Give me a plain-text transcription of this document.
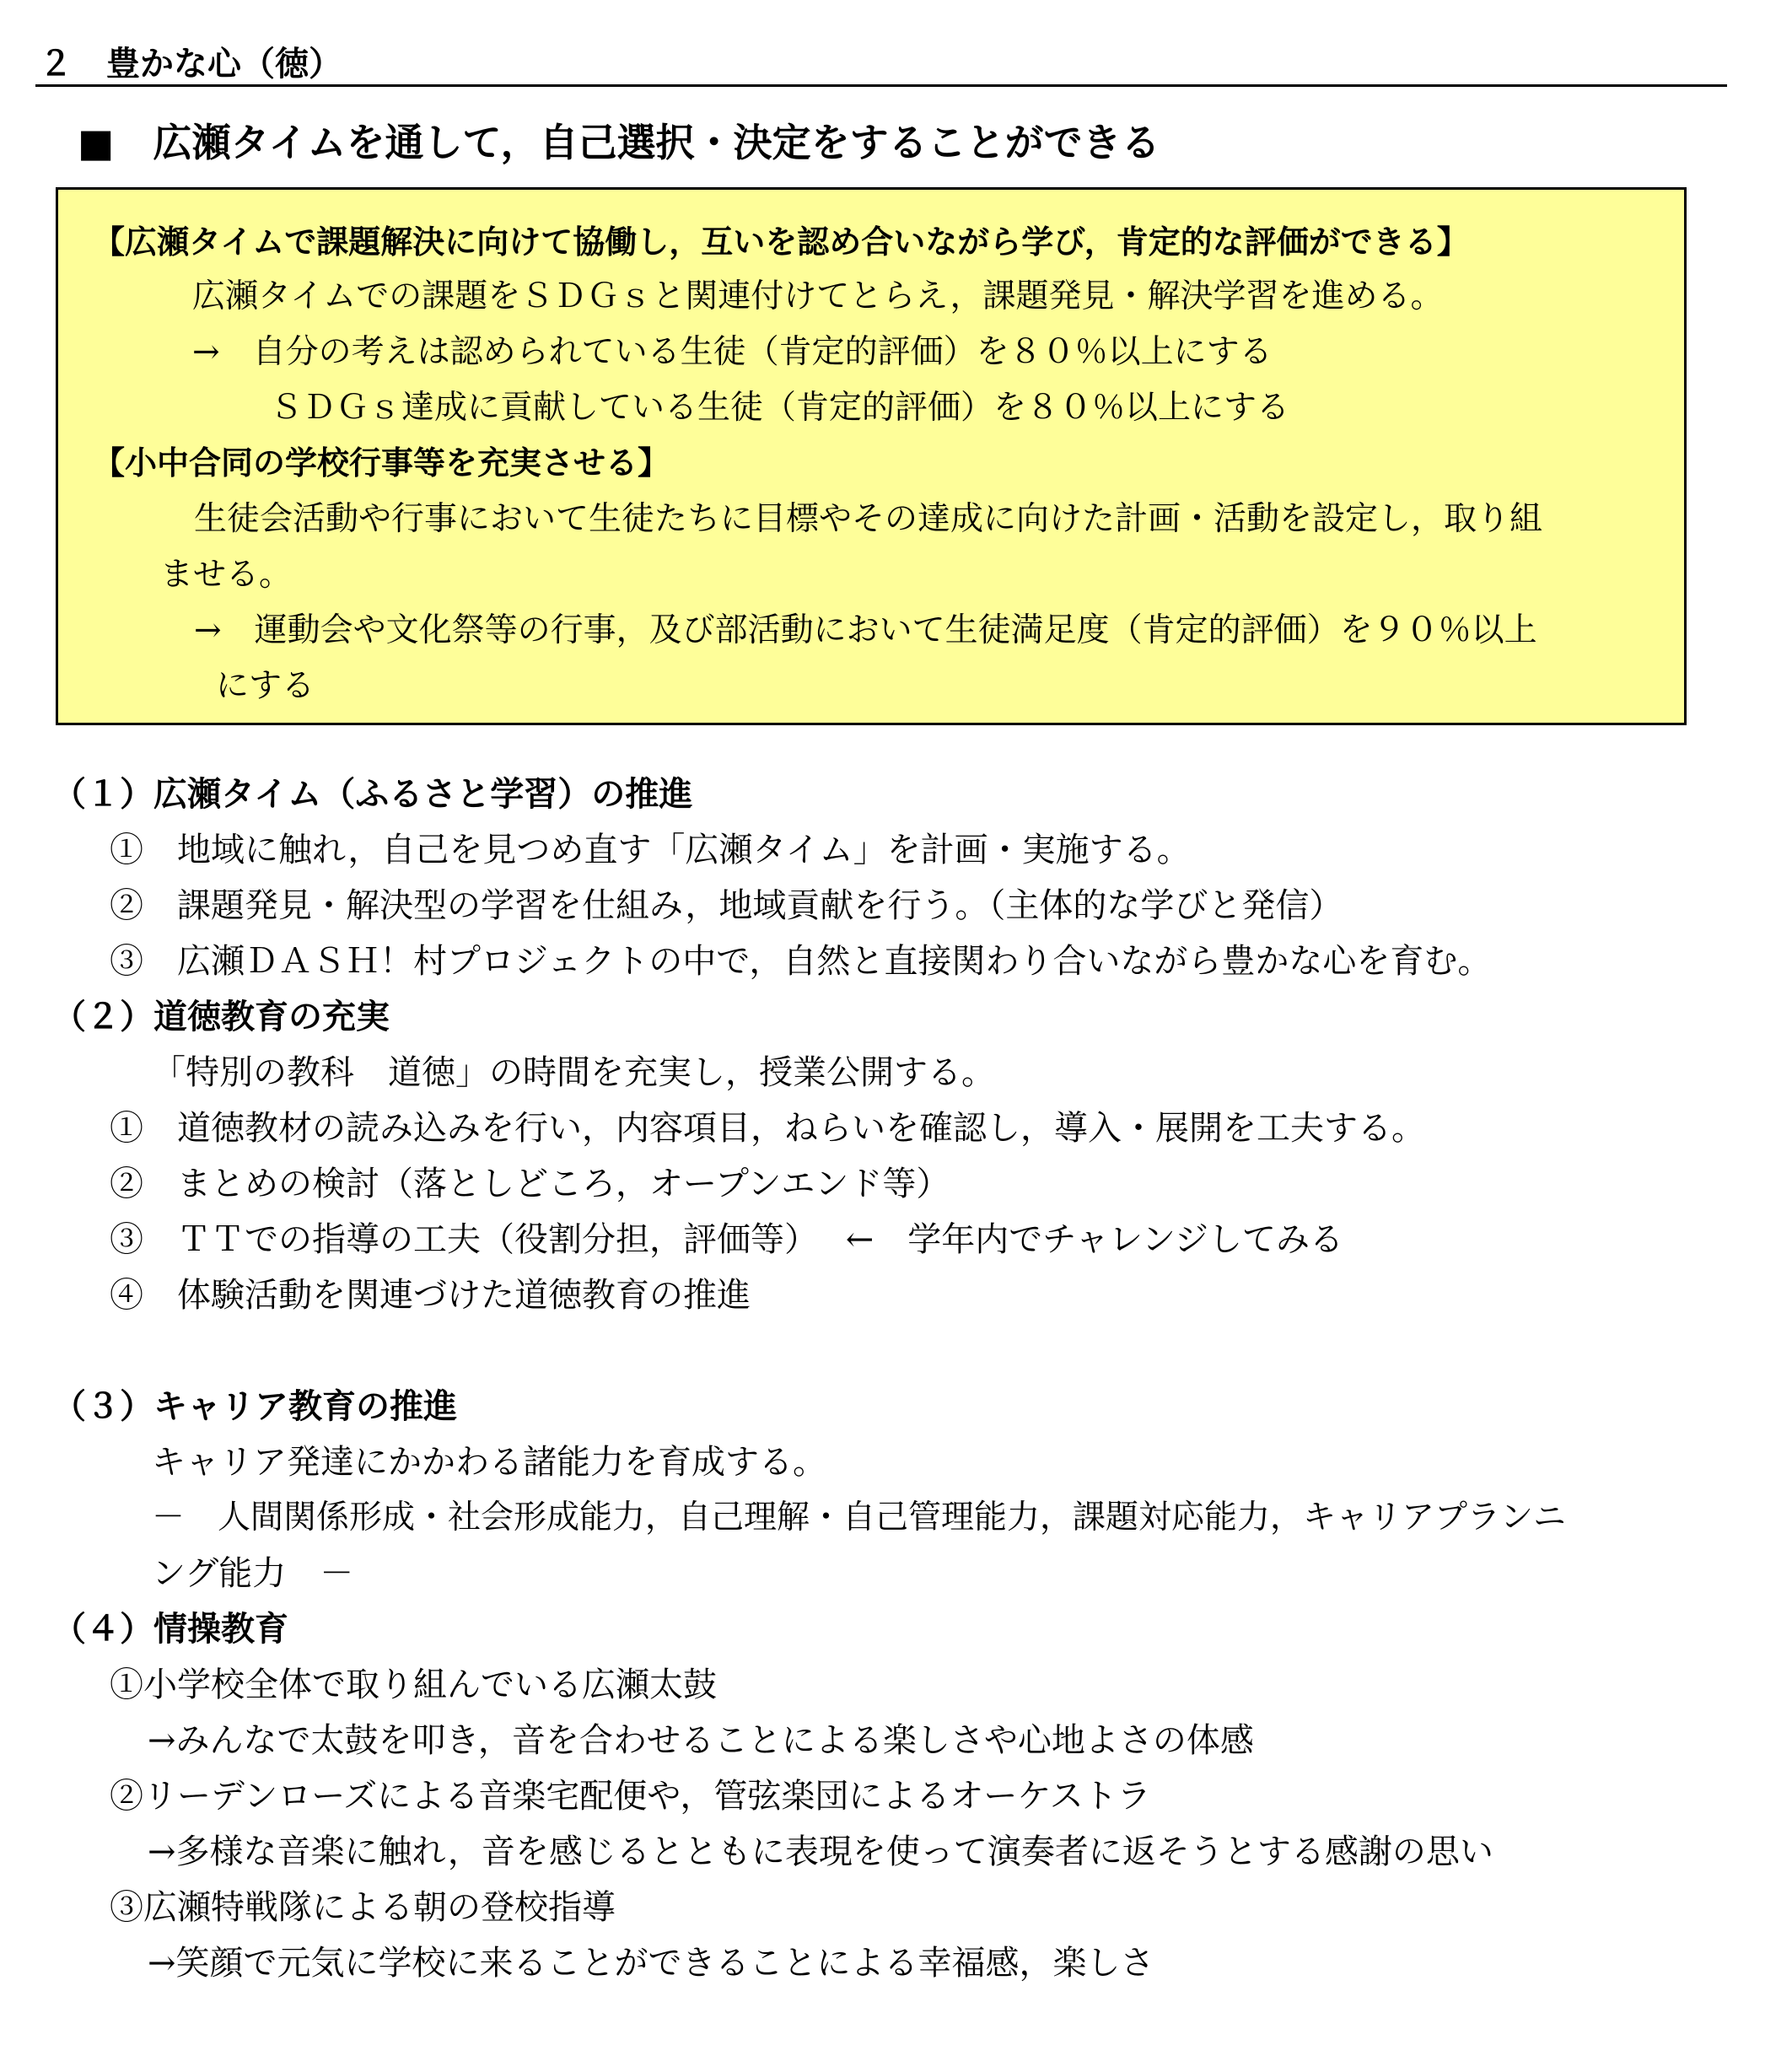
２　豊かな心（徳）
■　広瀬タイムを通して，自己選択・決定をすることができる
【広瀬タイムで課題解決に向けて協働し，互いを認め合いながら学び，肯定的な評価ができる】
広瀬タイムでの課題をＳＤＧｓと関連付けてとらえ，課題発見・解決学習を進める。
→　自分の考えは認められている生徒（肯定的評価）を８０％以上にする
ＳＤＧｓ達成に貢献している生徒（肯定的評価）を８０％以上にする
【小中合同の学校行事等を充実させる】
生徒会活動や行事において生徒たちに目標やその達成に向けた計画・活動を設定し，取り組
ませる。
→　運動会や文化祭等の行事，及び部活動において生徒満足度（肯定的評価）を９０％以上
にする
（１）広瀬タイム（ふるさと学習）の推進
①　地域に触れ，自己を見つめ直す「広瀬タイム」を計画・実施する。
②　課題発見・解決型の学習を仕組み，地域貢献を行う。（主体的な学びと発信）
③　広瀬ＤＡＳＨ！村プロジェクトの中で，自然と直接関わり合いながら豊かな心を育む。
（２）道徳教育の充実
「特別の教科　道徳」の時間を充実し，授業公開する。
①　道徳教材の読み込みを行い，内容項目，ねらいを確認し，導入・展開を工夫する。
②　まとめの検討（落としどころ，オープンエンド等）
③　ＴＴでの指導の工夫（役割分担，評価等）　 ←　学年内でチャレンジしてみる
④　体験活動を関連づけた道徳教育の推進
（３）キャリア教育の推進
キャリア発達にかかわる諸能力を育成する。
－　人間関係形成・社会形成能力，自己理解・自己管理能力，課題対応能力，キャリアプランニ
ング能力　－
（４）情操教育
①小学校全体で取り組んでいる広瀬太鼓
→みんなで太鼓を叩き，音を合わせることによる楽しさや心地よさの体感
②リーデンローズによる音楽宅配便や，管弦楽団によるオーケストラ
→多様な音楽に触れ，音を感じるとともに表現を使って演奏者に返そうとする感謝の思い
③広瀬特戦隊による朝の登校指導
→笑顔で元気に学校に来ることができることによる幸福感，楽しさ
